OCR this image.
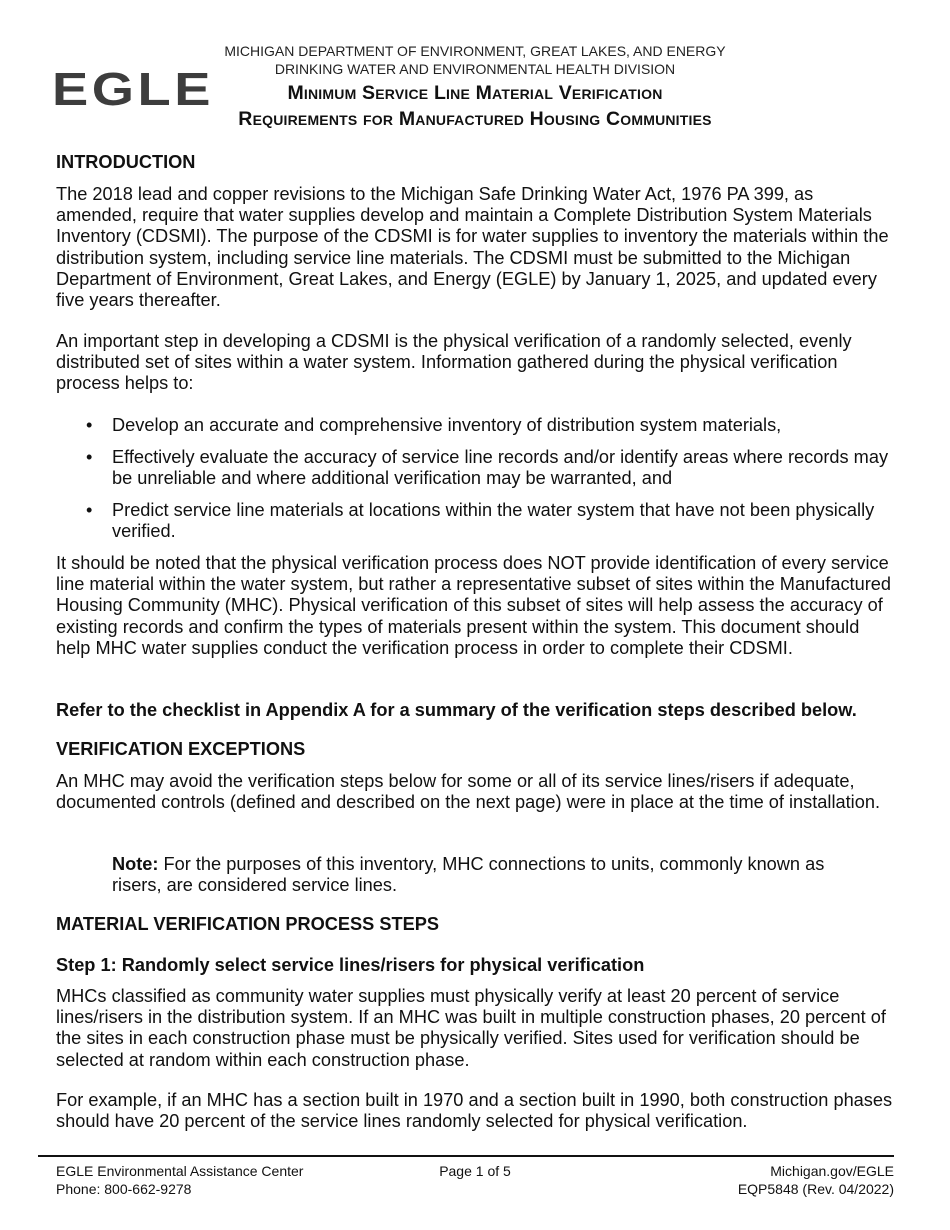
EGLE
MICHIGAN DEPARTMENT OF ENVIRONMENT, GREAT LAKES, AND ENERGY
DRINKING WATER AND ENVIRONMENTAL HEALTH DIVISION
Minimum Service Line Material Verification
Requirements for Manufactured Housing Communities
INTRODUCTION
The 2018 lead and copper revisions to the Michigan Safe Drinking Water Act, 1976 PA 399, as amended, require that water supplies develop and maintain a Complete Distribution System Materials Inventory (CDSMI). The purpose of the CDSMI is for water supplies to inventory the materials within the distribution system, including service line materials. The CDSMI must be submitted to the Michigan Department of Environment, Great Lakes, and Energy (EGLE) by January 1, 2025, and updated every five years thereafter.
An important step in developing a CDSMI is the physical verification of a randomly selected, evenly distributed set of sites within a water system. Information gathered during the physical verification process helps to:
• Develop an accurate and comprehensive inventory of distribution system materials,
• Effectively evaluate the accuracy of service line records and/or identify areas where records may be unreliable and where additional verification may be warranted, and
• Predict service line materials at locations within the water system that have not been physically verified.
It should be noted that the physical verification process does NOT provide identification of every service line material within the water system, but rather a representative subset of sites within the Manufactured Housing Community (MHC). Physical verification of this subset of sites will help assess the accuracy of existing records and confirm the types of materials present within the system. This document should help MHC water supplies conduct the verification process in order to complete their CDSMI.
Refer to the checklist in Appendix A for a summary of the verification steps described below.
VERIFICATION EXCEPTIONS
An MHC may avoid the verification steps below for some or all of its service lines/risers if adequate, documented controls (defined and described on the next page) were in place at the time of installation.
Note: For the purposes of this inventory, MHC connections to units, commonly known as risers, are considered service lines.
MATERIAL VERIFICATION PROCESS STEPS
Step 1: Randomly select service lines/risers for physical verification
MHCs classified as community water supplies must physically verify at least 20 percent of service lines/risers in the distribution system. If an MHC was built in multiple construction phases, 20 percent of the sites in each construction phase must be physically verified. Sites used for verification should be selected at random within each construction phase.
For example, if an MHC has a section built in 1970 and a section built in 1990, both construction phases should have 20 percent of the service lines randomly selected for physical verification.
EGLE Environmental Assistance Center
Phone: 800-662-9278
Page 1 of 5	Michigan.gov/EGLE
EQP5848 (Rev. 04/2022)
